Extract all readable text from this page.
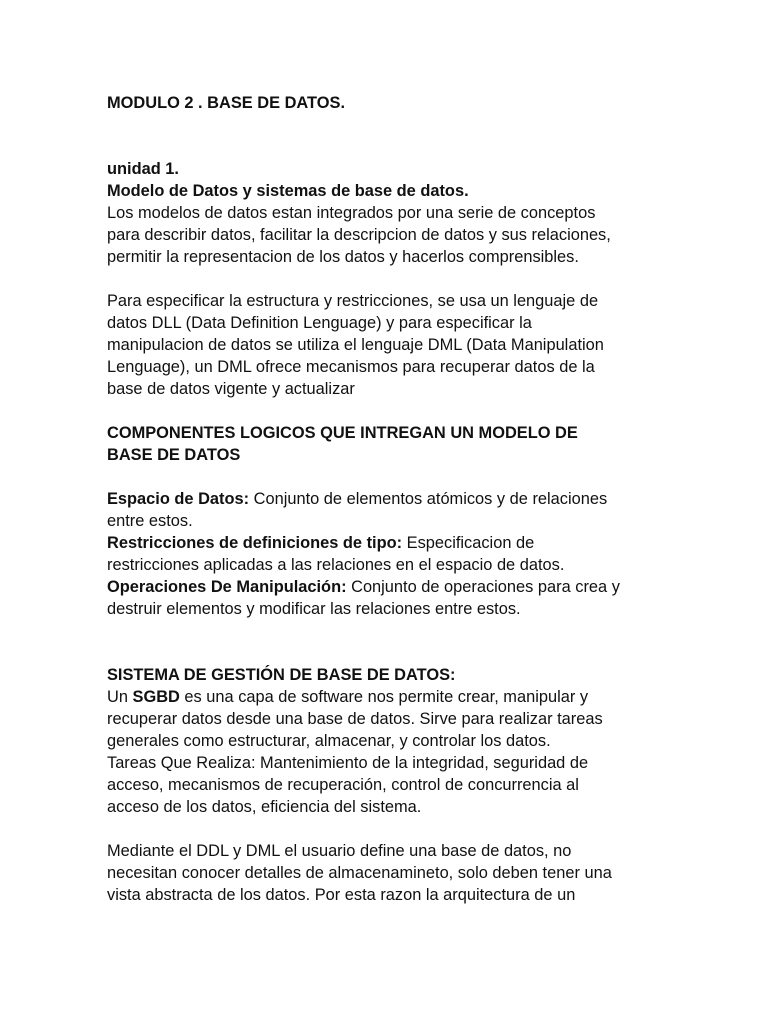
MODULO 2 . BASE DE DATOS.
unidad 1.
Modelo de Datos y sistemas de base de datos.
Los modelos de datos estan integrados por una serie de conceptos
para describir datos, facilitar la descripcion de datos y sus relaciones,
permitir la representacion de los datos y hacerlos comprensibles.
Para especificar la estructura y restricciones, se usa un lenguaje de
datos DLL (Data Definition Lenguage) y para especificar la
manipulacion de datos se utiliza el lenguaje DML (Data Manipulation
Lenguage), un DML ofrece mecanismos para recuperar datos de la
base de datos vigente y actualizar
COMPONENTES LOGICOS QUE INTREGAN UN MODELO DE
BASE DE DATOS
Espacio de Datos: Conjunto de elementos atómicos y de relaciones
entre estos.
Restricciones de definiciones de tipo: Especificacion de
restricciones aplicadas a las relaciones en el espacio de datos.
Operaciones De Manipulación: Conjunto de operaciones para crea y
destruir elementos y modificar las relaciones entre estos.
SISTEMA DE GESTIÓN DE BASE DE DATOS:
Un SGBD es una capa de software nos permite crear, manipular y
recuperar datos desde una base de datos. Sirve para realizar tareas
generales como estructurar, almacenar, y controlar los datos.
Tareas Que Realiza: Mantenimiento de la integridad, seguridad de
acceso, mecanismos de recuperación, control de concurrencia al
acceso de los datos, eficiencia del sistema.
Mediante el DDL y DML el usuario define una base de datos, no
necesitan conocer detalles de almacenamineto, solo deben tener una
vista abstracta de los datos. Por esta razon la arquitectura de un
